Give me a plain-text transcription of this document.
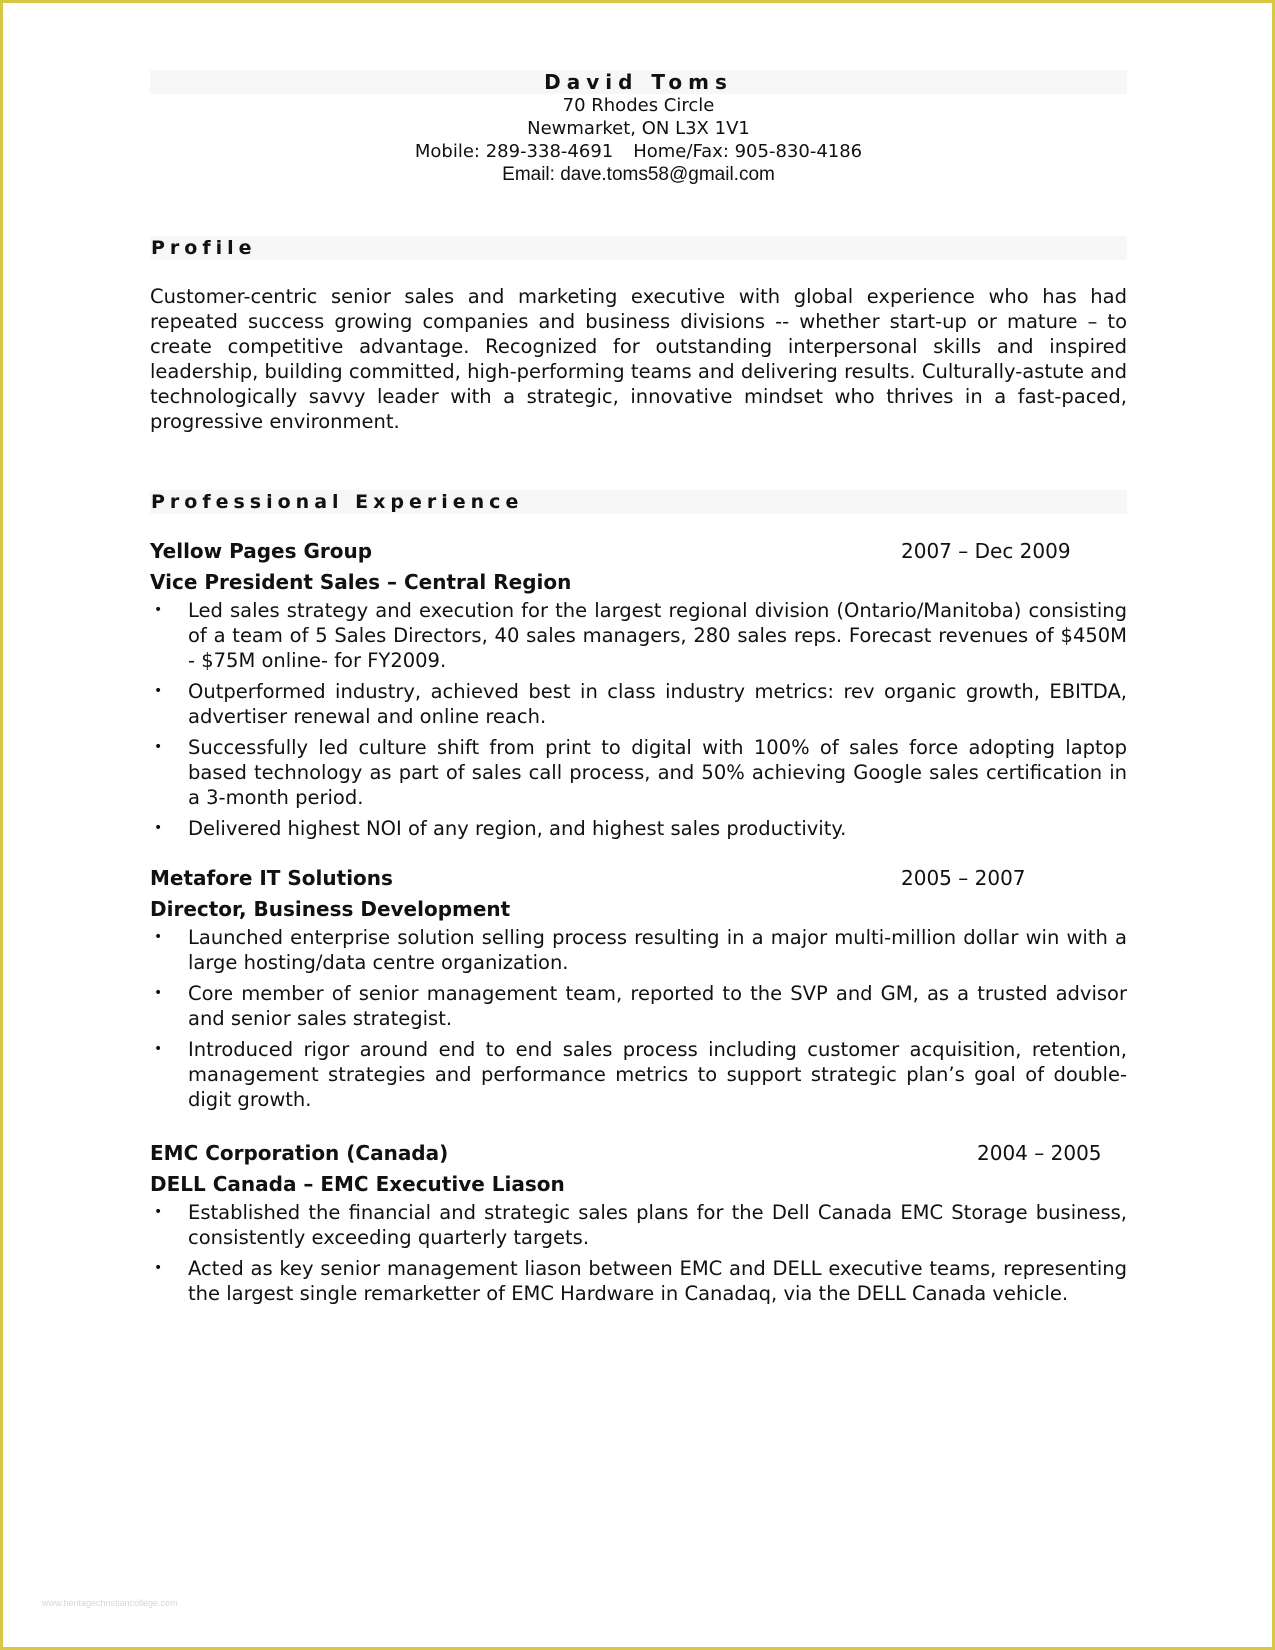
David Toms
70 Rhodes Circle
Newmarket, ON L3X 1V1
Mobile: 289-338-4691 Home/Fax: 905-830-4186
Email: dave.toms58@gmail.com
Profile
Customer-centric senior sales and marketing executive with global experience who has had repeated success growing companies and business divisions -- whether start-up or mature – to create competitive advantage. Recognized for outstanding interpersonal skills and inspired leadership, building committed, high-performing teams and delivering results. Culturally-astute and technologically savvy leader with a strategic, innovative mindset who thrives in a fast-paced, progressive environment.
Professional Experience
Yellow Pages Group	2007 – Dec 2009
Vice President Sales – Central Region
• Led sales strategy and execution for the largest regional division (Ontario/Manitoba) consisting of a team of 5 Sales Directors, 40 sales managers, 280 sales reps. Forecast revenues of $450M - $75M online- for FY2009.
• Outperformed industry, achieved best in class industry metrics: rev organic growth, EBITDA, advertiser renewal and online reach.
• Successfully led culture shift from print to digital with 100% of sales force adopting laptop based technology as part of sales call process, and 50% achieving Google sales certification in a 3-month period.
• Delivered highest NOI of any region, and highest sales productivity.
Metafore IT Solutions	2005 – 2007
Director, Business Development
• Launched enterprise solution selling process resulting in a major multi-million dollar win with a large hosting/data centre organization.
• Core member of senior management team, reported to the SVP and GM, as a trusted advisor and senior sales strategist.
• Introduced rigor around end to end sales process including customer acquisition, retention, management strategies and performance metrics to support strategic plan’s goal of double-digit growth.
EMC Corporation (Canada)	2004 – 2005
DELL Canada – EMC Executive Liason
• Established the financial and strategic sales plans for the Dell Canada EMC Storage business, consistently exceeding quarterly targets.
• Acted as key senior management liason between EMC and DELL executive teams, representing the largest single remarketter of EMC Hardware in Canadaq, via the DELL Canada vehicle.
www.heritagechristiancollege.com
